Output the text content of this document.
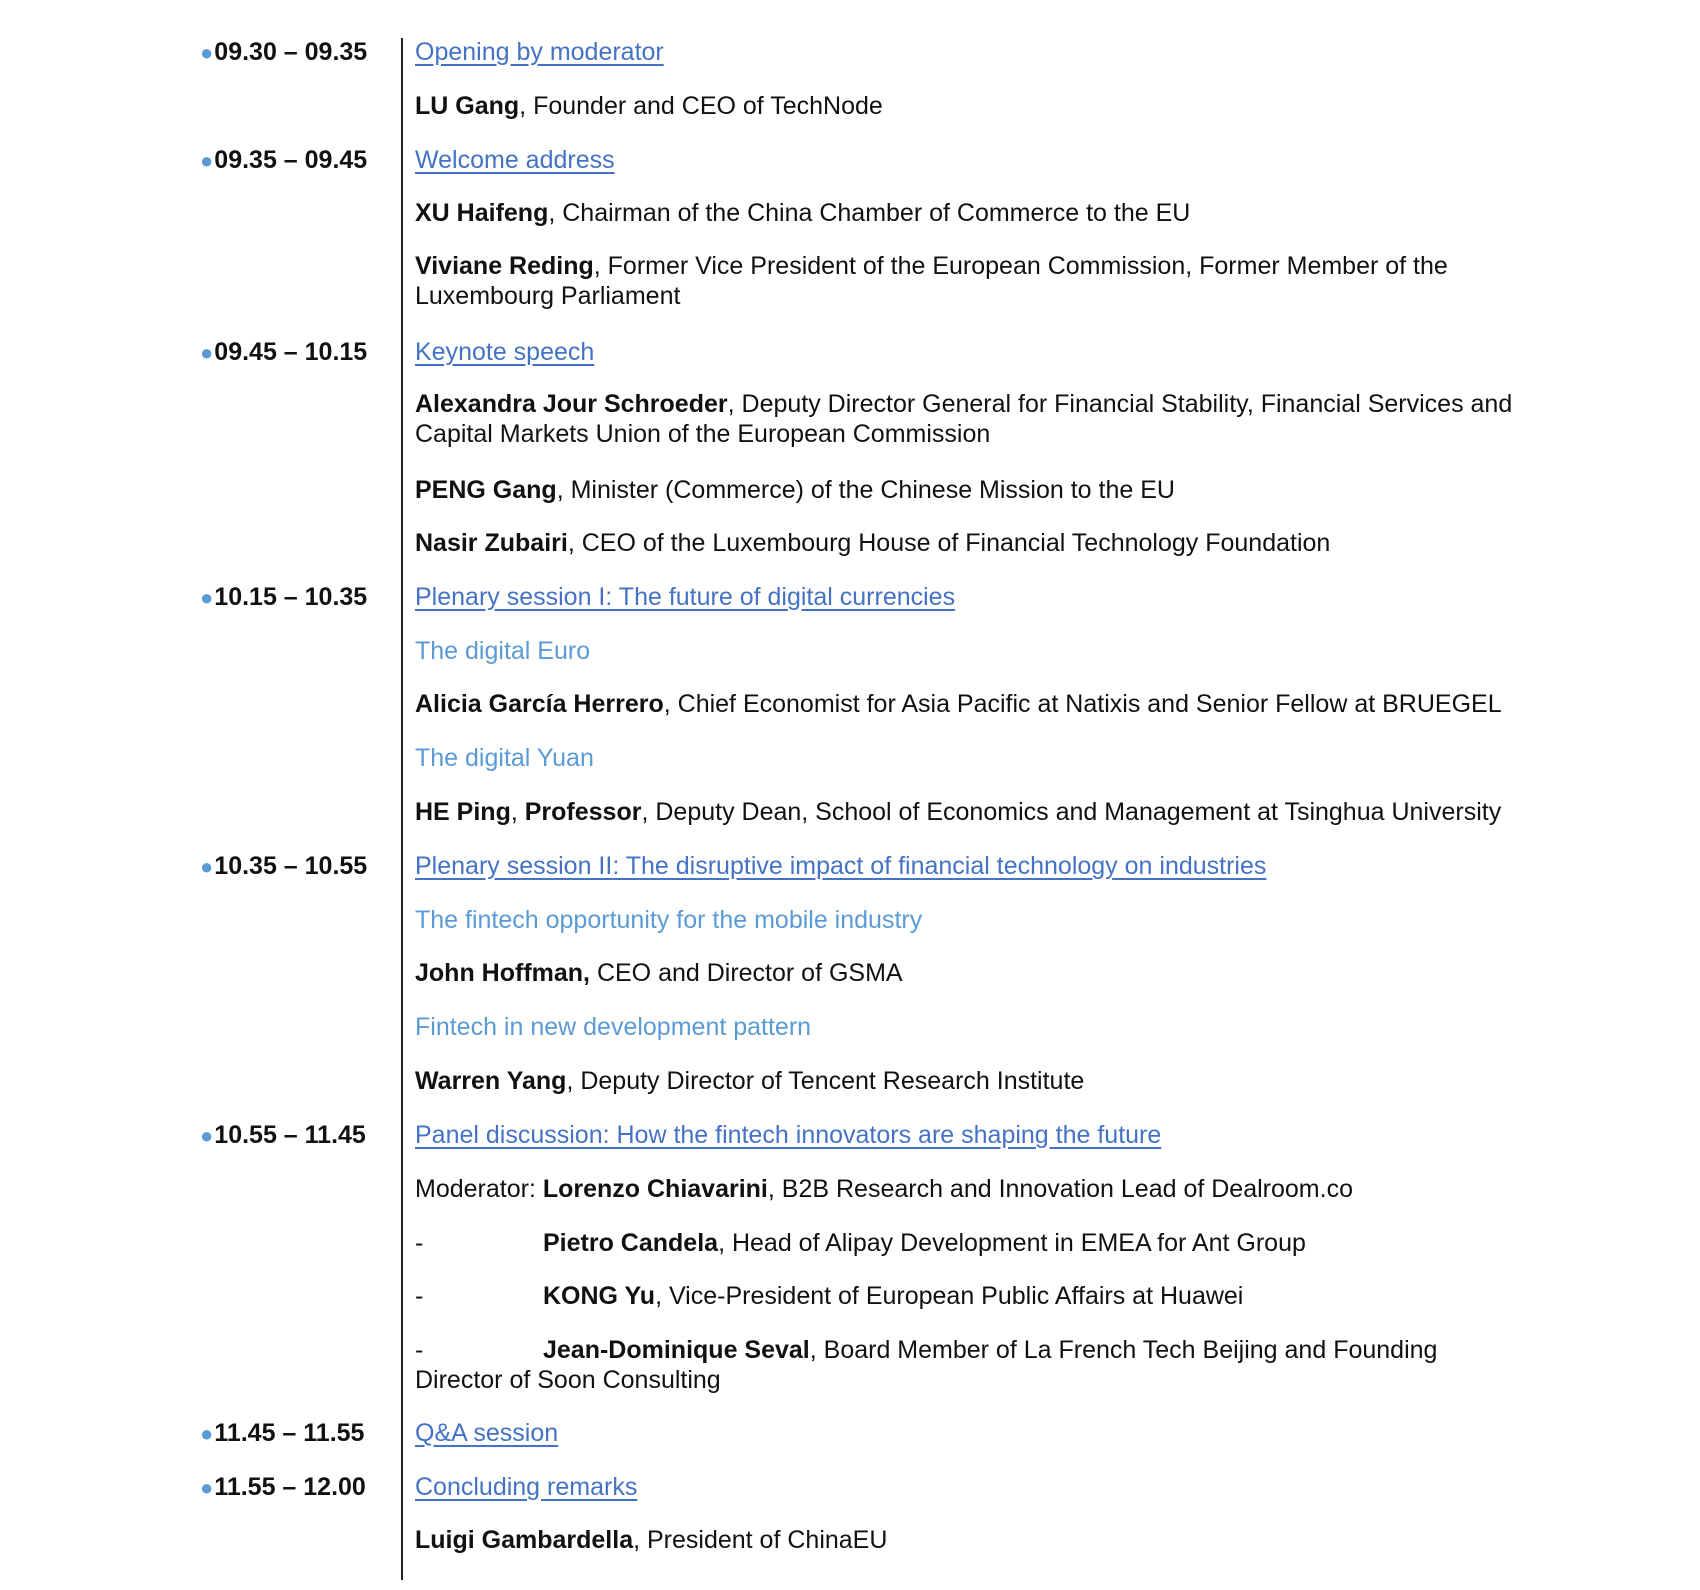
●09.30 – 09.35 Opening by moderator
LU Gang, Founder and CEO of TechNode
●09.35 – 09.45 Welcome address
XU Haifeng, Chairman of the China Chamber of Commerce to the EU
Viviane Reding, Former Vice President of the European Commission, Former Member of the Luxembourg Parliament
●09.45 – 10.15 Keynote speech
Alexandra Jour Schroeder, Deputy Director General for Financial Stability, Financial Services and Capital Markets Union of the European Commission
PENG Gang, Minister (Commerce) of the Chinese Mission to the EU
Nasir Zubairi, CEO of the Luxembourg House of Financial Technology Foundation
●10.15 – 10.35 Plenary session I: The future of digital currencies
The digital Euro
Alicia García Herrero, Chief Economist for Asia Pacific at Natixis and Senior Fellow at BRUEGEL
The digital Yuan
HE Ping, Professor, Deputy Dean, School of Economics and Management at Tsinghua University
●10.35 – 10.55 Plenary session II: The disruptive impact of financial technology on industries
The fintech opportunity for the mobile industry
John Hoffman, CEO and Director of GSMA
Fintech in new development pattern
Warren Yang, Deputy Director of Tencent Research Institute
●10.55 – 11.45 Panel discussion: How the fintech innovators are shaping the future
Moderator: Lorenzo Chiavarini, B2B Research and Innovation Lead of Dealroom.co
-	Pietro Candela, Head of Alipay Development in EMEA for Ant Group
-	KONG Yu, Vice-President of European Public Affairs at Huawei
-	Jean-Dominique Seval, Board Member of La French Tech Beijing and Founding Director of Soon Consulting
●11.45 – 11.55 Q&A session
●11.55 – 12.00 Concluding remarks
Luigi Gambardella, President of ChinaEU
